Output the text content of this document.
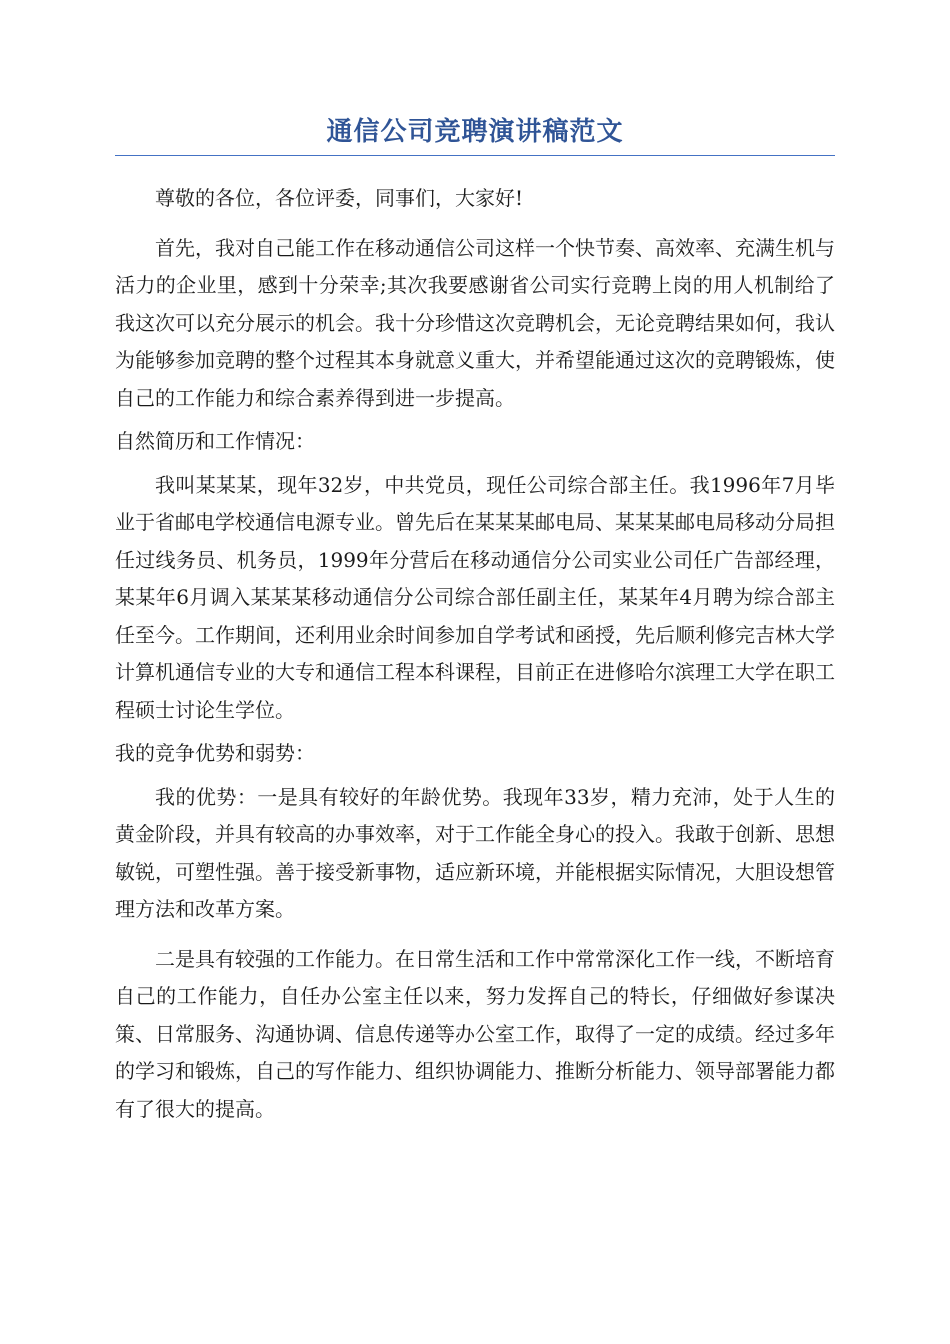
通信公司竞聘演讲稿范文

尊敬的各位，各位评委，同事们，大家好!

首先，我对自己能工作在移动通信公司这样一个快节奏、高效率、充满生机与活力的企业里，感到十分荣幸;其次我要感谢省公司实行竞聘上岗的用人机制给了我这次可以充分展示的机会。我十分珍惜这次竞聘机会，无论竞聘结果如何，我认为能够参加竞聘的整个过程其本身就意义重大，并希望能通过这次的竞聘锻炼，使自己的工作能力和综合素养得到进一步提高。

自然简历和工作情况：

我叫某某某，现年32岁，中共党员，现任公司综合部主任。我1996年7月毕业于省邮电学校通信电源专业。曾先后在某某某邮电局、某某某邮电局移动分局担任过线务员、机务员，1999年分营后在移动通信分公司实业公司任广告部经理，某某年6月调入某某某移动通信分公司综合部任副主任，某某年4月聘为综合部主任至今。工作期间，还利用业余时间参加自学考试和函授，先后顺利修完吉林大学计算机通信专业的大专和通信工程本科课程，目前正在进修哈尔滨理工大学在职工程硕士讨论生学位。

我的竞争优势和弱势：

我的优势：一是具有较好的年龄优势。我现年33岁，精力充沛，处于人生的黄金阶段，并具有较高的办事效率，对于工作能全身心的投入。我敢于创新、思想敏锐，可塑性强。善于接受新事物，适应新环境，并能根据实际情况，大胆设想管理方法和改革方案。

二是具有较强的工作能力。在日常生活和工作中常常深化工作一线，不断培育自己的工作能力，自任办公室主任以来，努力发挥自己的特长，仔细做好参谋决策、日常服务、沟通协调、信息传递等办公室工作，取得了一定的成绩。经过多年的学习和锻炼，自己的写作能力、组织协调能力、推断分析能力、领导部署能力都有了很大的提高。
